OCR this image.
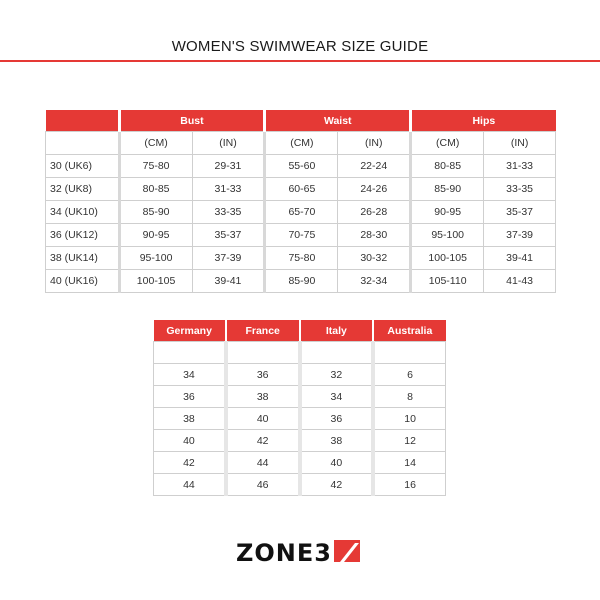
WOMEN'S SWIMWEAR SIZE GUIDE
	Bust		Waist		Hips	
	(CM)	(IN)	(CM)	(IN)	(CM)	(IN)
30 (UK6)	75-80	29-31	55-60	22-24	80-85	31-33
32 (UK8)	80-85	31-33	60-65	24-26	85-90	33-35
34 (UK10)	85-90	33-35	65-70	26-28	90-95	35-37
36 (UK12)	90-95	35-37	70-75	28-30	95-100	37-39
38 (UK14)	95-100	37-39	75-80	30-32	100-105	39-41
40 (UK16)	100-105	39-41	85-90	32-34	105-110	41-43
Germany	France	Italy	Australia

34	36	32	6
36	38	34	8
38	40	36	10
40	42	38	12
42	44	40	14
44	46	42	16
ZONE3
